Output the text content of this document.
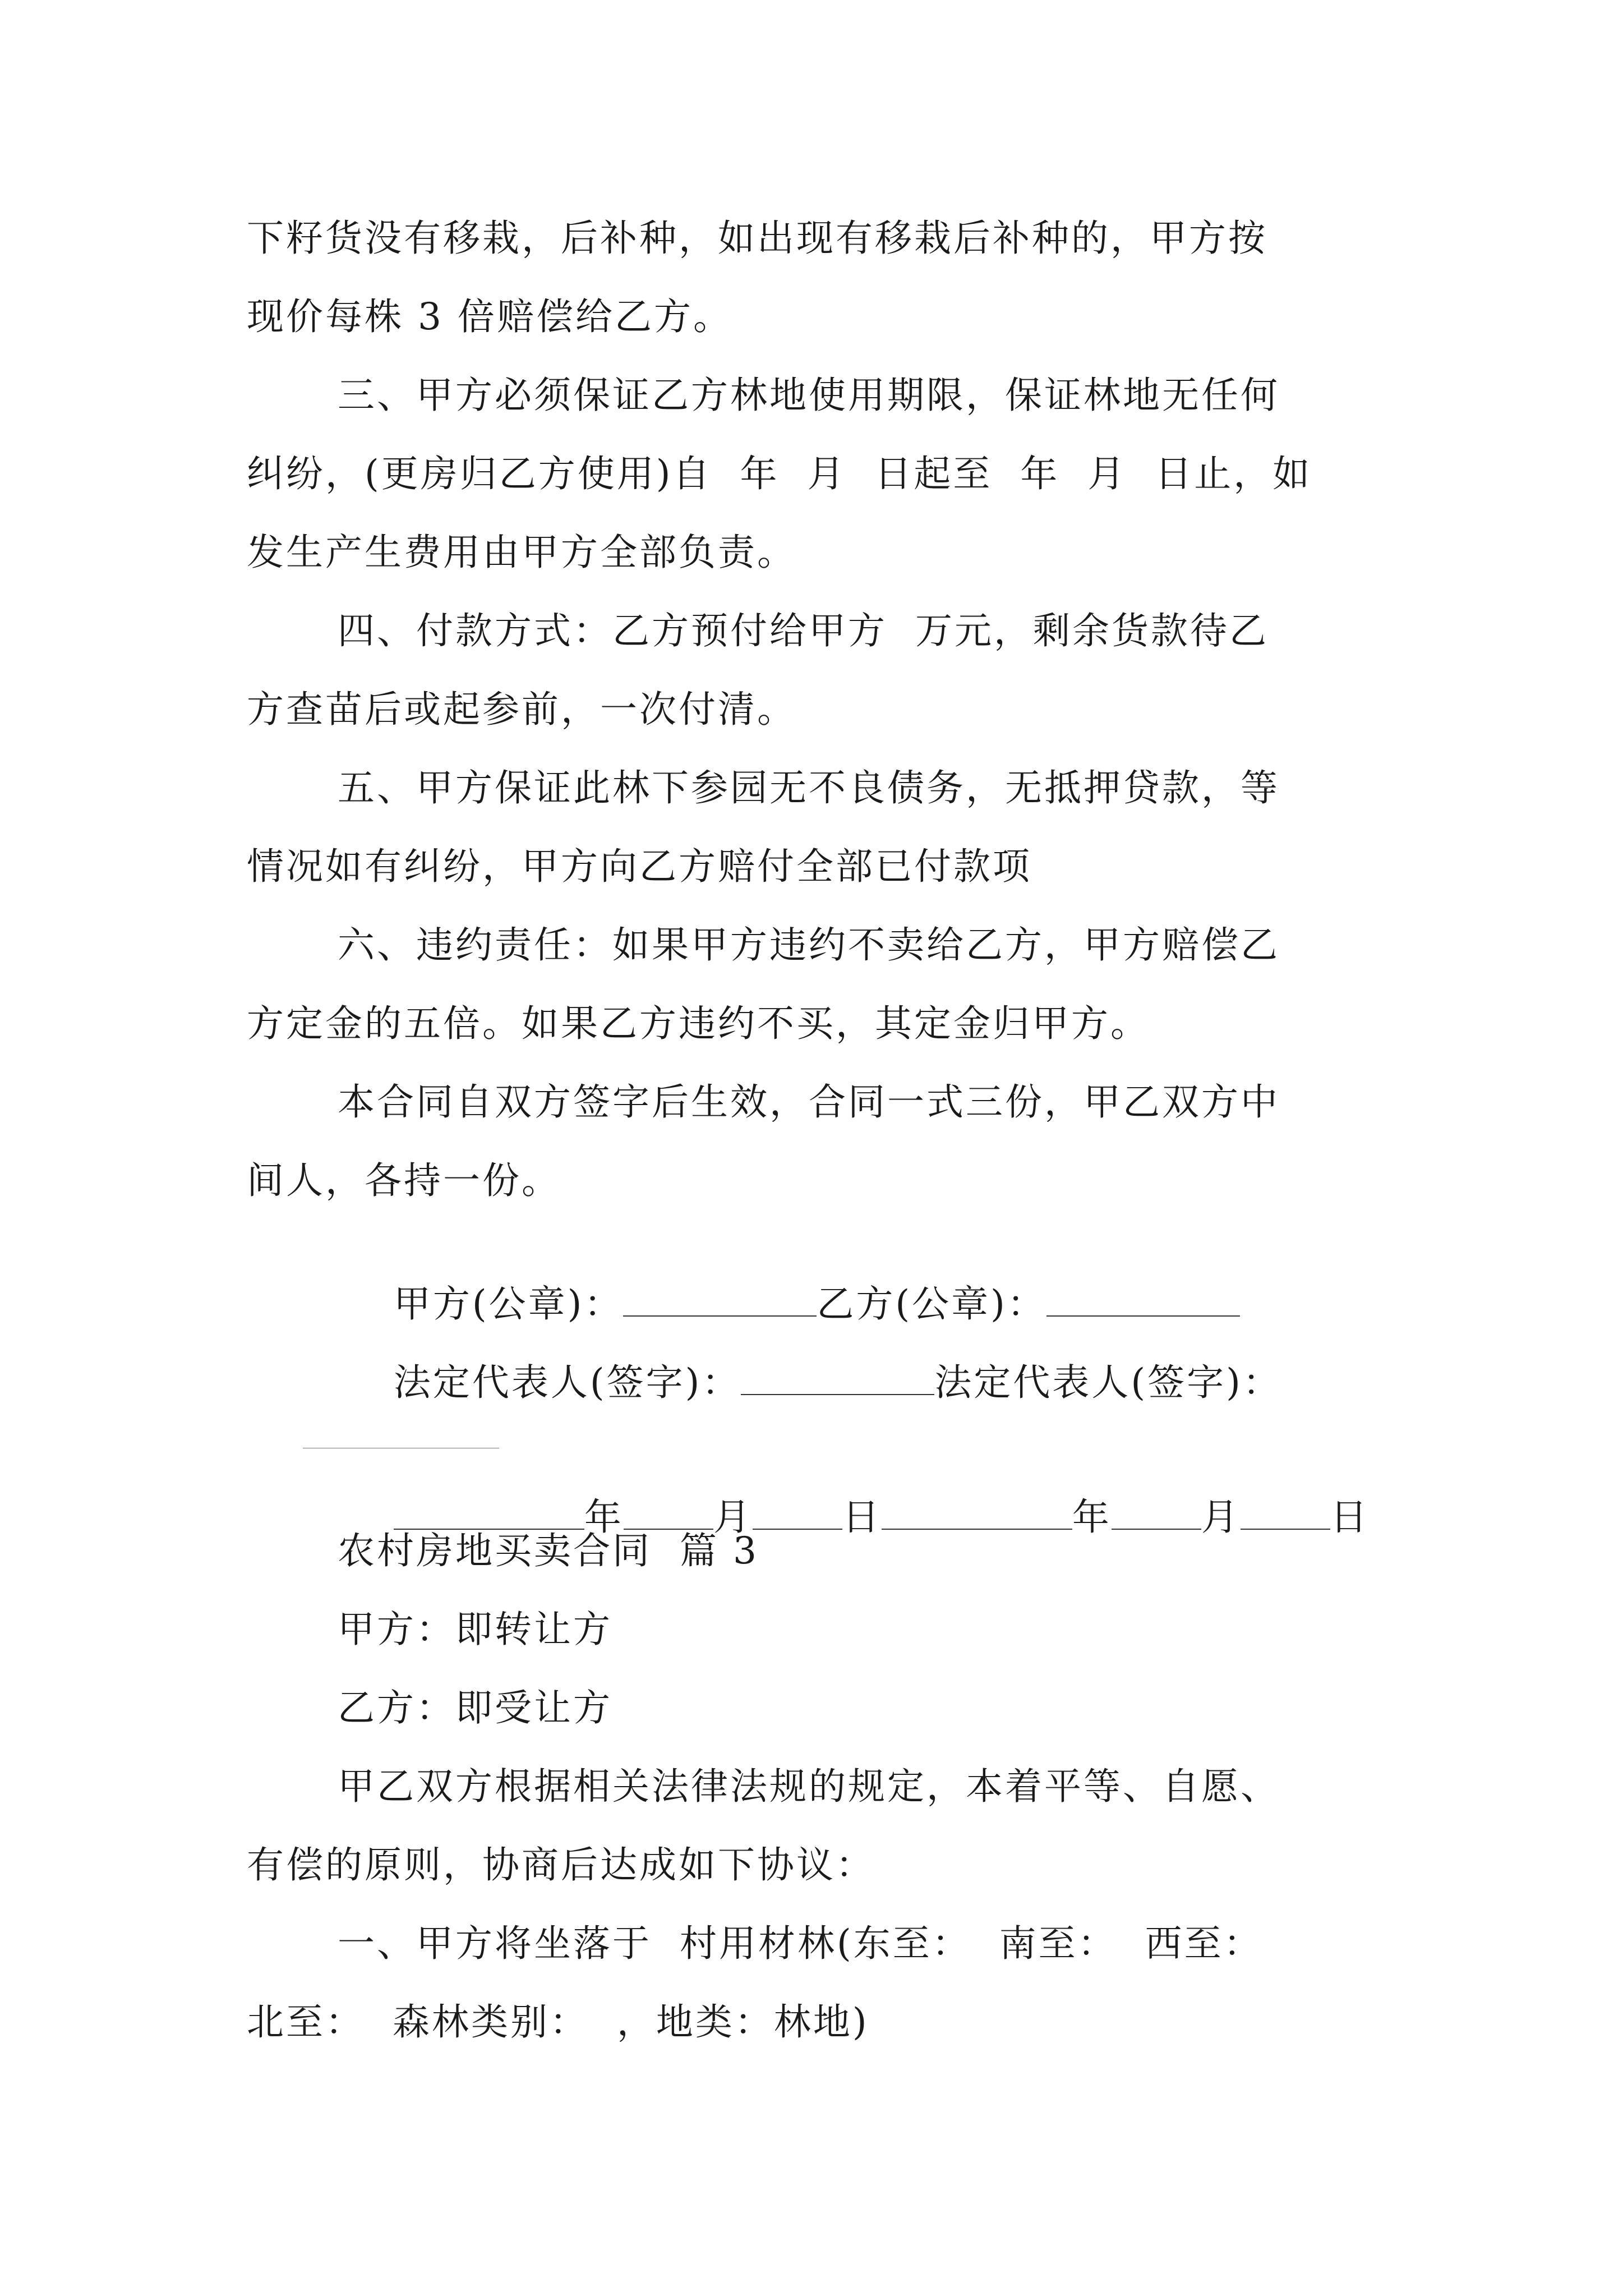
下籽货没有移栽，后补种，如出现有移栽后补种的，甲方按
现价每株 3 倍赔偿给乙方。
三、甲方必须保证乙方林地使用期限，保证林地无任何
纠纷，(更房归乙方使用)自  年  月  日起至  年  月  日止，如
发生产生费用由甲方全部负责。
四、付款方式：乙方预付给甲方  万元，剩余货款待乙
方查苗后或起参前，一次付清。
五、甲方保证此林下参园无不良债务，无抵押贷款，等
情况如有纠纷，甲方向乙方赔付全部已付款项
六、违约责任：如果甲方违约不卖给乙方，甲方赔偿乙
方定金的五倍。如果乙方违约不买，其定金归甲方。
本合同自双方签字后生效，合同一式三份，甲乙双方中
间人，各持一份。

甲方(公章)：	乙方(公章)：

法定代表人(签字)：	法定代表人(签字)：

年 月 日	年 月 日

农村房地买卖合同  篇 3
甲方：即转让方
乙方：即受让方
甲乙双方根据相关法律法规的规定，本着平等、自愿、
有偿的原则，协商后达成如下协议：
一、甲方将坐落于  村用材林(东至：  南至：  西至：
北至：  森林类别：  ，地类：林地)
